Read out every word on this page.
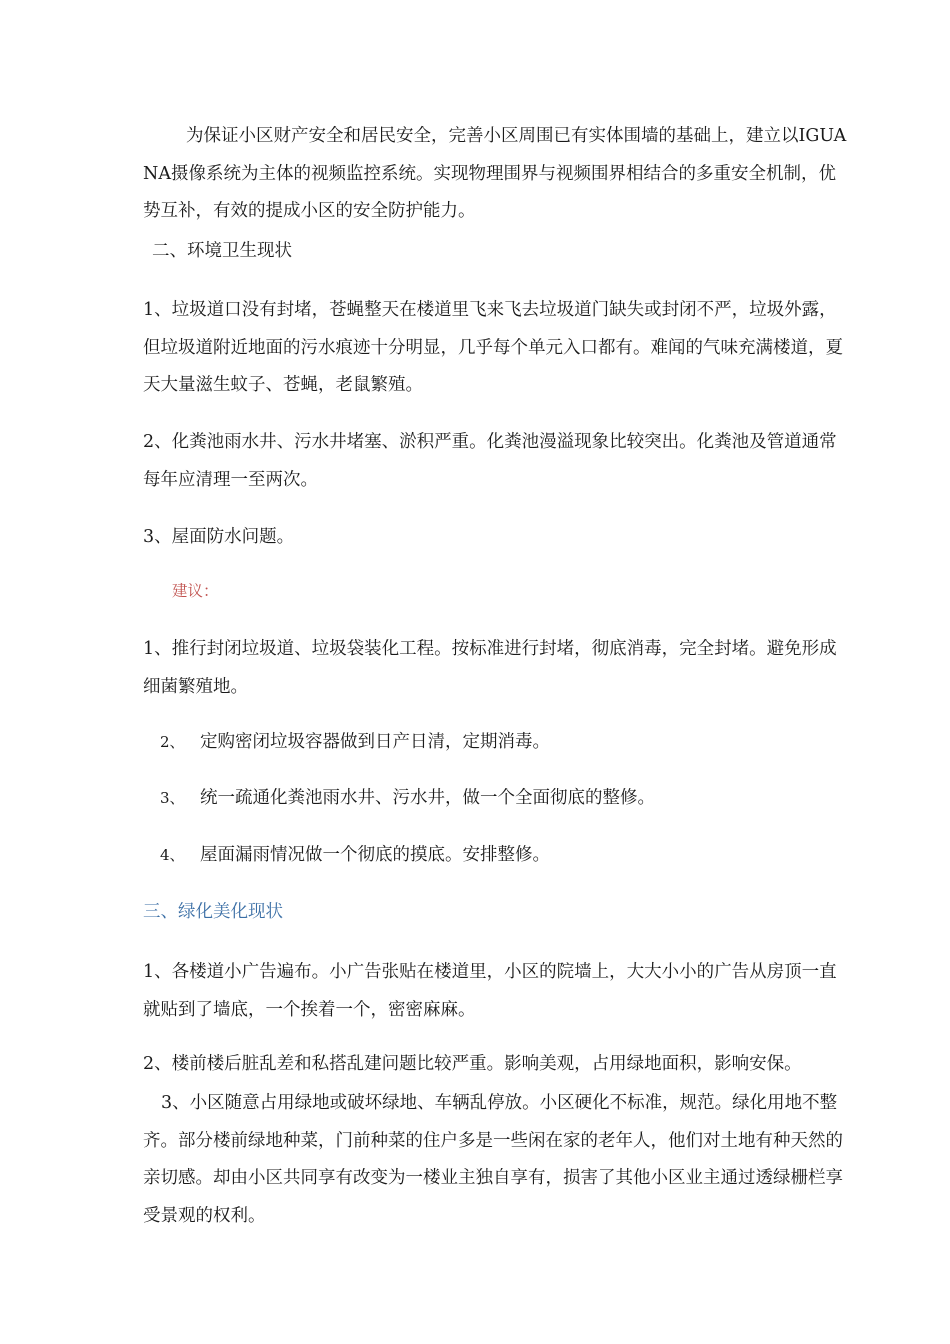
为保证小区财产安全和居民安全，完善小区周围已有实体围墙的基础上，建立以IGUANA摄像系统为主体的视频监控系统。实现物理围界与视频围界相结合的多重安全机制，优势互补，有效的提成小区的安全防护能力。
二、环境卫生现状
1、垃圾道口没有封堵，苍蝇整天在楼道里飞来飞去垃圾道门缺失或封闭不严，垃圾外露，但垃圾道附近地面的污水痕迹十分明显，几乎每个单元入口都有。难闻的气味充满楼道，夏天大量滋生蚊子、苍蝇，老鼠繁殖。
2、化粪池雨水井、污水井堵塞、淤积严重。化粪池漫溢现象比较突出。化粪池及管道通常每年应清理一至两次。
3、屋面防水问题。
建议：
1、推行封闭垃圾道、垃圾袋装化工程。按标准进行封堵，彻底消毒，完全封堵。避免形成细菌繁殖地。
2、 定购密闭垃圾容器做到日产日清，定期消毒。
3、 统一疏通化粪池雨水井、污水井，做一个全面彻底的整修。
4、 屋面漏雨情况做一个彻底的摸底。安排整修。
三、绿化美化现状
1、各楼道小广告遍布。小广告张贴在楼道里，小区的院墙上，大大小小的广告从房顶一直就贴到了墙底，一个挨着一个，密密麻麻。
2、楼前楼后脏乱差和私搭乱建问题比较严重。影响美观，占用绿地面积，影响安保。
3、小区随意占用绿地或破坏绿地、车辆乱停放。小区硬化不标准，规范。绿化用地不整齐。部分楼前绿地种菜，门前种菜的住户多是一些闲在家的老年人，他们对土地有种天然的亲切感。却由小区共同享有改变为一楼业主独自享有，损害了其他小区业主通过透绿栅栏享受景观的权利。
